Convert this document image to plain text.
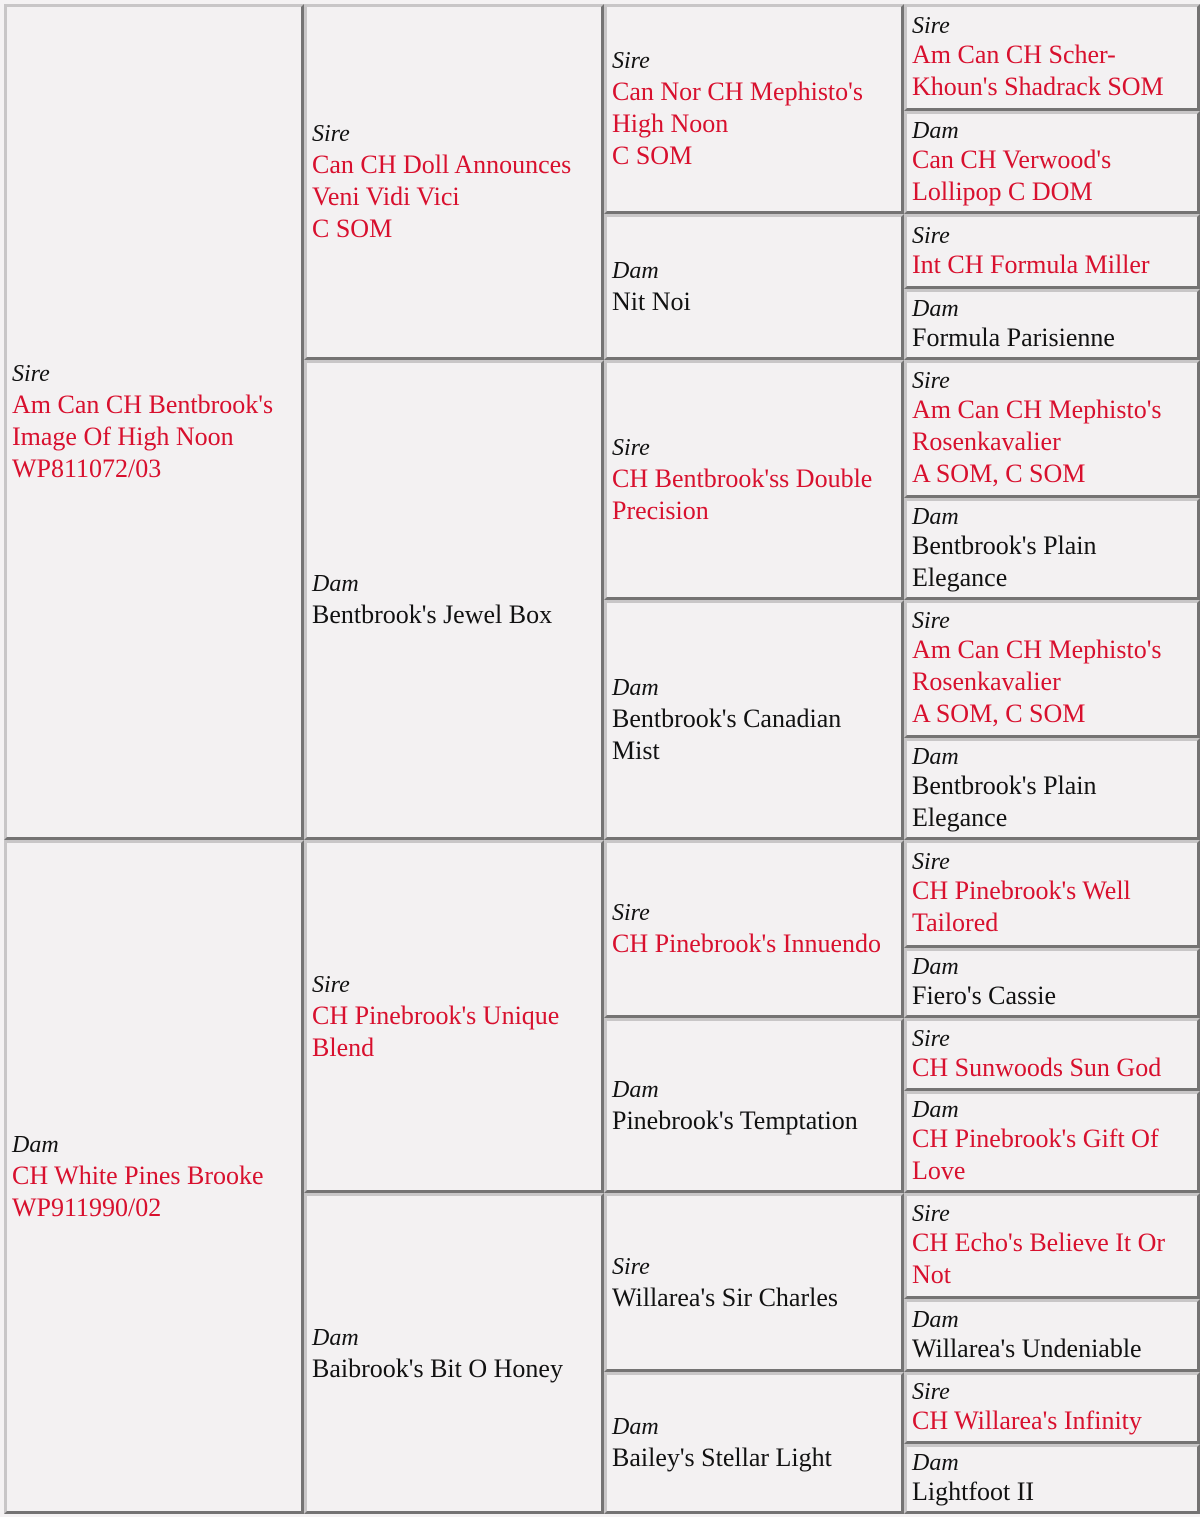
Sire
Am Can CH Bentbrook's
Image Of High Noon
WP811072/03
Dam
CH White Pines Brooke
WP911990/02
Sire
Can CH Doll Announces
Veni Vidi Vici
C SOM
Dam
Bentbrook's Jewel Box
Sire
CH Pinebrook's Unique
Blend
Dam
Baibrook's Bit O Honey
Sire
Can Nor CH Mephisto's
High Noon
C SOM
Dam
Nit Noi
Sire
CH Bentbrook'ss Double
Precision
Dam
Bentbrook's Canadian
Mist
Sire
CH Pinebrook's Innuendo
Dam
Pinebrook's Temptation
Sire
Willarea's Sir Charles
Dam
Bailey's Stellar Light
Sire
Am Can CH Scher-
Khoun's Shadrack SOM
Dam
Can CH Verwood's
Lollipop C DOM
Sire
Int CH Formula Miller
Dam
Formula Parisienne
Sire
Am Can CH Mephisto's
Rosenkavalier
A SOM, C SOM
Dam
Bentbrook's Plain
Elegance
Sire
Am Can CH Mephisto's
Rosenkavalier
A SOM, C SOM
Dam
Bentbrook's Plain
Elegance
Sire
CH Pinebrook's Well
Tailored
Dam
Fiero's Cassie
Sire
CH Sunwoods Sun God
Dam
CH Pinebrook's Gift Of
Love
Sire
CH Echo's Believe It Or
Not
Dam
Willarea's Undeniable
Sire
CH Willarea's Infinity
Dam
Lightfoot II
